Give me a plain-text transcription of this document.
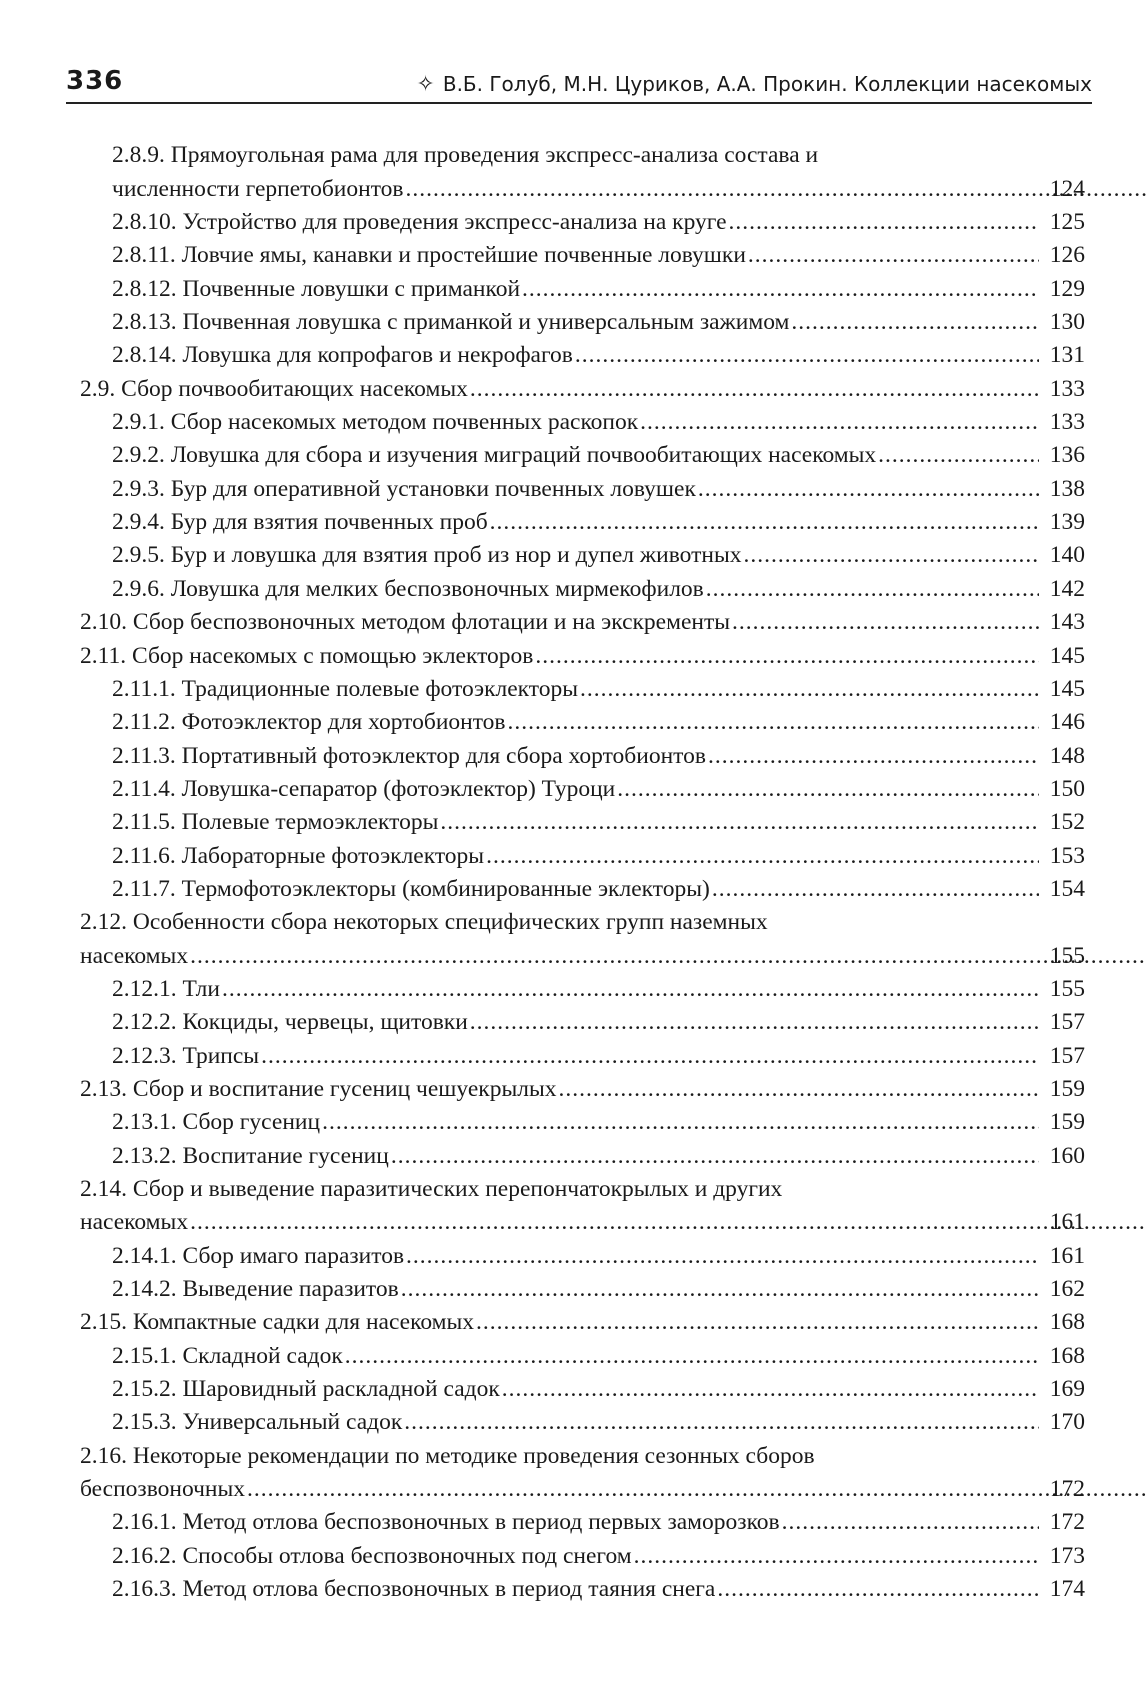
336	✧ В.Б. Голуб, М.Н. Цуриков, А.А. Прокин. Коллекции насекомых
2.8.9. Прямоугольная рама для проведения экспресс-анализа состава и
численности герпетобионтов .....	124
2.8.10. Устройство для проведения экспресс-анализа на круге .....	125
2.8.11. Ловчие ямы, канавки и простейшие почвенные ловушки .....	126
2.8.12. Почвенные ловушки с приманкой .....	129
2.8.13. Почвенная ловушка с приманкой и универсальным зажимом .....	130
2.8.14. Ловушка для копрофагов и некрофагов .....	131
2.9. Сбор почвообитающих насекомых .....	133
2.9.1. Сбор насекомых методом почвенных раскопок .....	133
2.9.2. Ловушка для сбора и изучения миграций почвообитающих насекомых .....	136
2.9.3. Бур для оперативной установки почвенных ловушек .....	138
2.9.4. Бур для взятия почвенных проб .....	139
2.9.5. Бур и ловушка для взятия проб из нор и дупел животных .....	140
2.9.6. Ловушка для мелких беспозвоночных мирмекофилов .....	142
2.10. Сбор беспозвоночных методом флотации и на экскременты .....	143
2.11. Сбор насекомых с помощью эклекторов .....	145
2.11.1. Традиционные полевые фотоэклекторы .....	145
2.11.2. Фотоэклектор для хортобионтов .....	146
2.11.3. Портативный фотоэклектор для сбора хортобионтов .....	148
2.11.4. Ловушка-сепаратор (фотоэклектор) Туроци .....	150
2.11.5. Полевые термоэклекторы .....	152
2.11.6. Лабораторные фотоэклекторы .....	153
2.11.7. Термофотоэклекторы (комбинированные эклекторы) .....	154
2.12. Особенности сбора некоторых специфических групп наземных
насекомых .....	155
2.12.1. Тли .....	155
2.12.2. Кокциды, червецы, щитовки .....	157
2.12.3. Трипсы .....	157
2.13. Сбор и воспитание гусениц чешуекрылых .....	159
2.13.1. Сбор гусениц .....	159
2.13.2. Воспитание гусениц .....	160
2.14. Сбор и выведение паразитических перепончатокрылых и других
насекомых .....	161
2.14.1. Сбор имаго паразитов .....	161
2.14.2. Выведение паразитов .....	162
2.15. Компактные садки для насекомых .....	168
2.15.1. Складной садок .....	168
2.15.2. Шаровидный раскладной садок .....	169
2.15.3. Универсальный садок .....	170
2.16. Некоторые рекомендации по методике проведения сезонных сборов
беспозвоночных .....	172
2.16.1. Метод отлова беспозвоночных в период первых заморозков .....	172
2.16.2. Способы отлова беспозвоночных под снегом .....	173
2.16.3. Метод отлова беспозвоночных в период таяния снега .....	174
